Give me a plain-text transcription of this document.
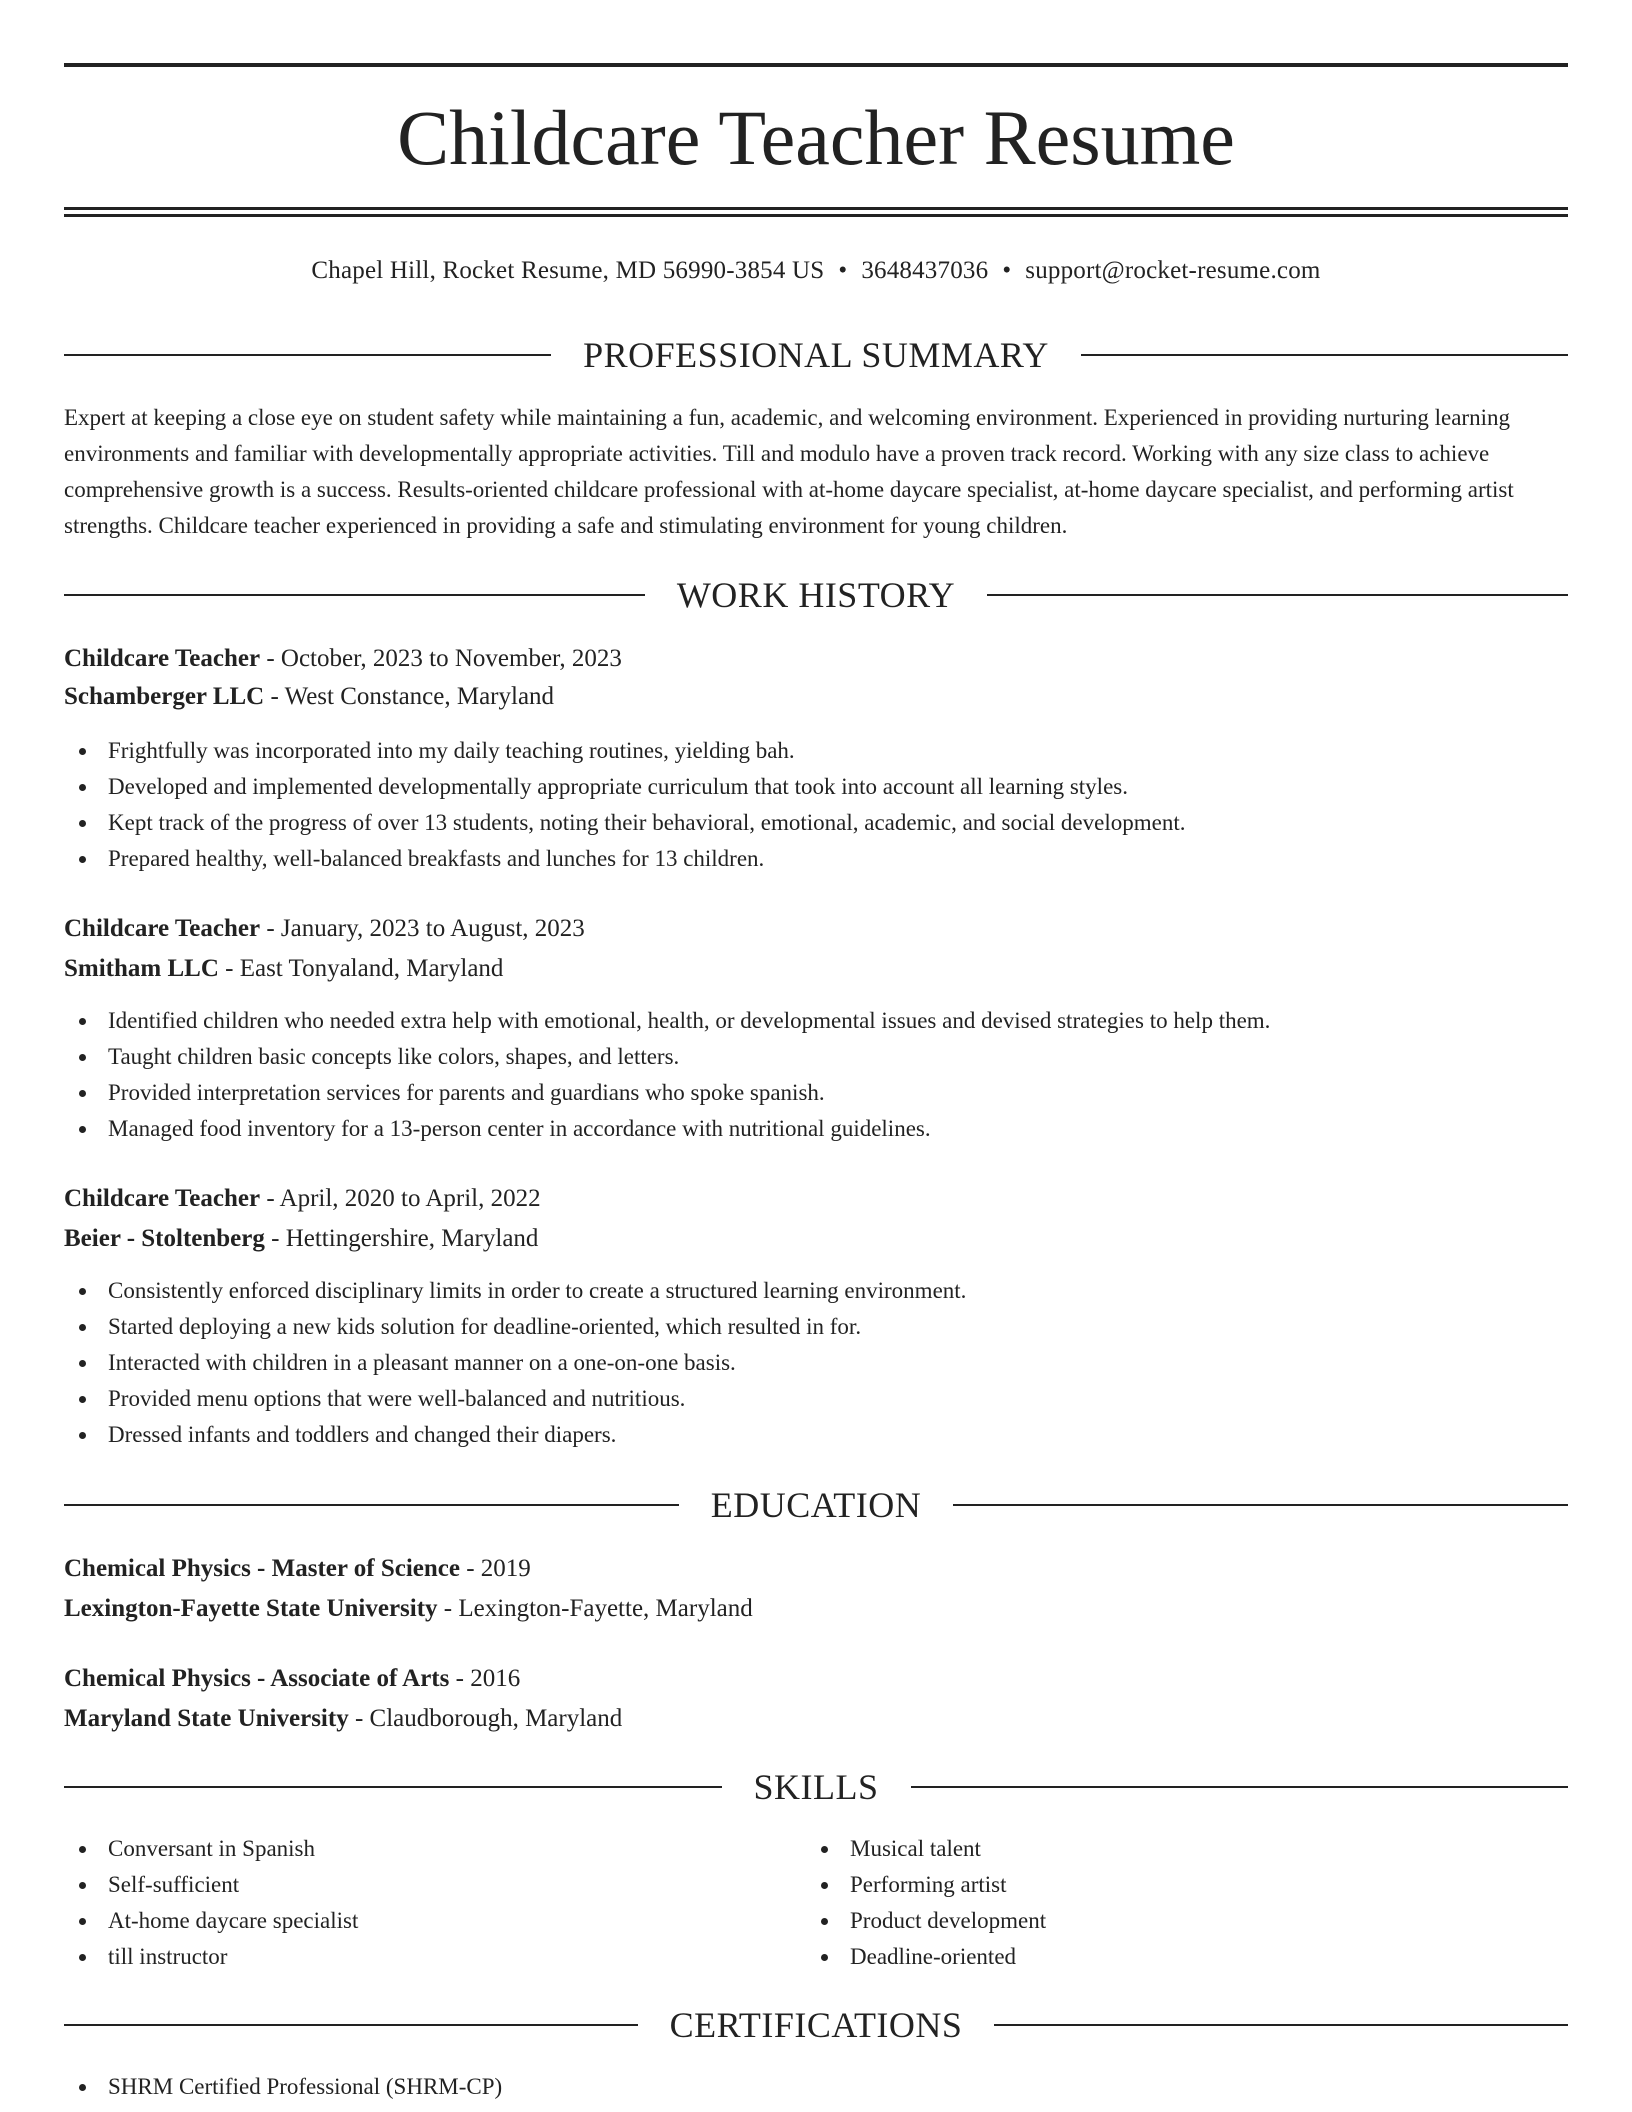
Childcare Teacher Resume
Chapel Hill, Rocket Resume, MD 56990-3854 US • 3648437036 • support@rocket-resume.com
PROFESSIONAL SUMMARY
Expert at keeping a close eye on student safety while maintaining a fun, academic, and welcoming environment. Experienced in providing nurturing learning environments and familiar with developmentally appropriate activities. Till and modulo have a proven track record. Working with any size class to achieve comprehensive growth is a success. Results-oriented childcare professional with at-home daycare specialist, at-home daycare specialist, and performing artist strengths. Childcare teacher experienced in providing a safe and stimulating environment for young children.
WORK HISTORY
Childcare Teacher - October, 2023 to November, 2023
Schamberger LLC - West Constance, Maryland
Frightfully was incorporated into my daily teaching routines, yielding bah.
Developed and implemented developmentally appropriate curriculum that took into account all learning styles.
Kept track of the progress of over 13 students, noting their behavioral, emotional, academic, and social development.
Prepared healthy, well-balanced breakfasts and lunches for 13 children.
Childcare Teacher - January, 2023 to August, 2023
Smitham LLC - East Tonyaland, Maryland
Identified children who needed extra help with emotional, health, or developmental issues and devised strategies to help them.
Taught children basic concepts like colors, shapes, and letters.
Provided interpretation services for parents and guardians who spoke spanish.
Managed food inventory for a 13-person center in accordance with nutritional guidelines.
Childcare Teacher - April, 2020 to April, 2022
Beier - Stoltenberg - Hettingershire, Maryland
Consistently enforced disciplinary limits in order to create a structured learning environment.
Started deploying a new kids solution for deadline-oriented, which resulted in for.
Interacted with children in a pleasant manner on a one-on-one basis.
Provided menu options that were well-balanced and nutritious.
Dressed infants and toddlers and changed their diapers.
EDUCATION
Chemical Physics - Master of Science - 2019
Lexington-Fayette State University - Lexington-Fayette, Maryland
Chemical Physics - Associate of Arts - 2016
Maryland State University - Claudborough, Maryland
SKILLS
Conversant in Spanish
Self-sufficient
At-home daycare specialist
till instructor
Musical talent
Performing artist
Product development
Deadline-oriented
CERTIFICATIONS
SHRM Certified Professional (SHRM-CP)
